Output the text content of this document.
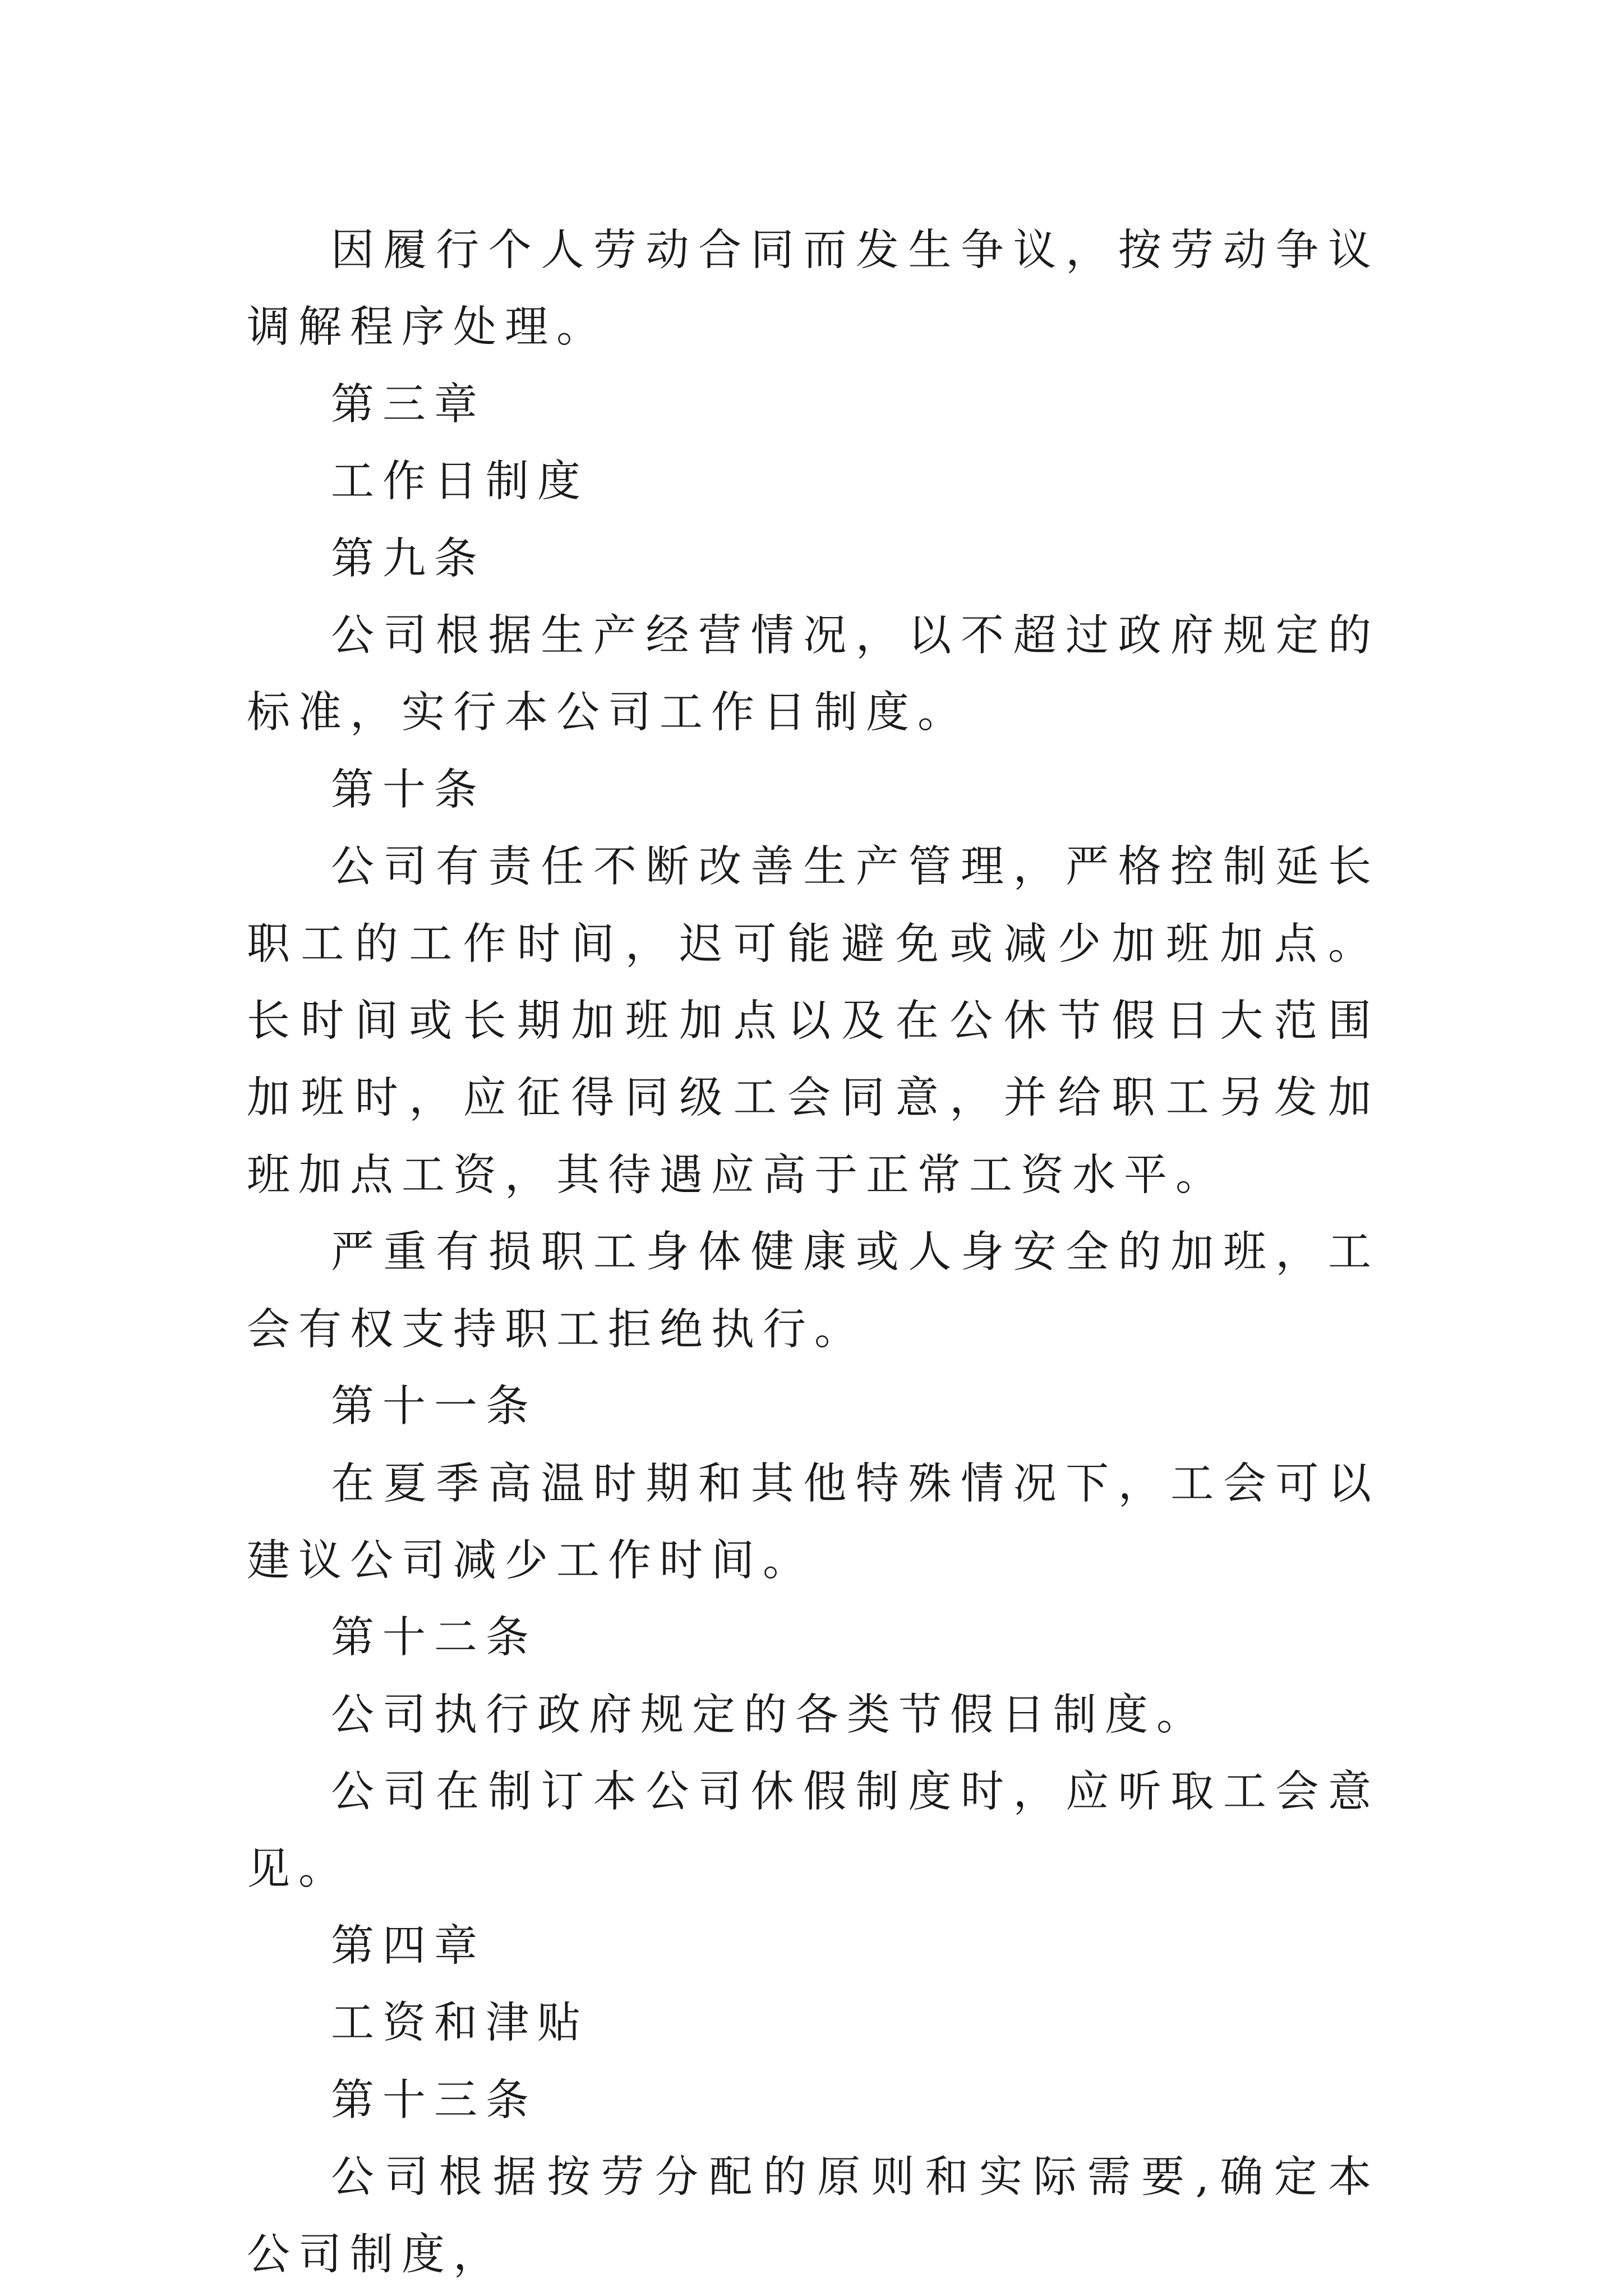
因履行个人劳动合同而发生争议，按劳动争议调解程序处理。

第三章

工作日制度

第九条

公司根据生产经营情况，以不超过政府规定的标准，实行本公司工作日制度。

第十条

公司有责任不断改善生产管理，严格控制延长职工的工作时间，迟可能避免或减少加班加点。长时间或长期加班加点以及在公休节假日大范围加班时，应征得同级工会同意，并给职工另发加班加点工资，其待遇应高于正常工资水平。

严重有损职工身体健康或人身安全的加班，工会有权支持职工拒绝执行。

第十一条

在夏季高温时期和其他特殊情况下，工会可以建议公司减少工作时间。

第十二条

公司执行政府规定的各类节假日制度。

公司在制订本公司休假制度时，应听取工会意见。

第四章

工资和津贴

第十三条

公司根据按劳分配的原则和实际需要,确定本公司制度，
